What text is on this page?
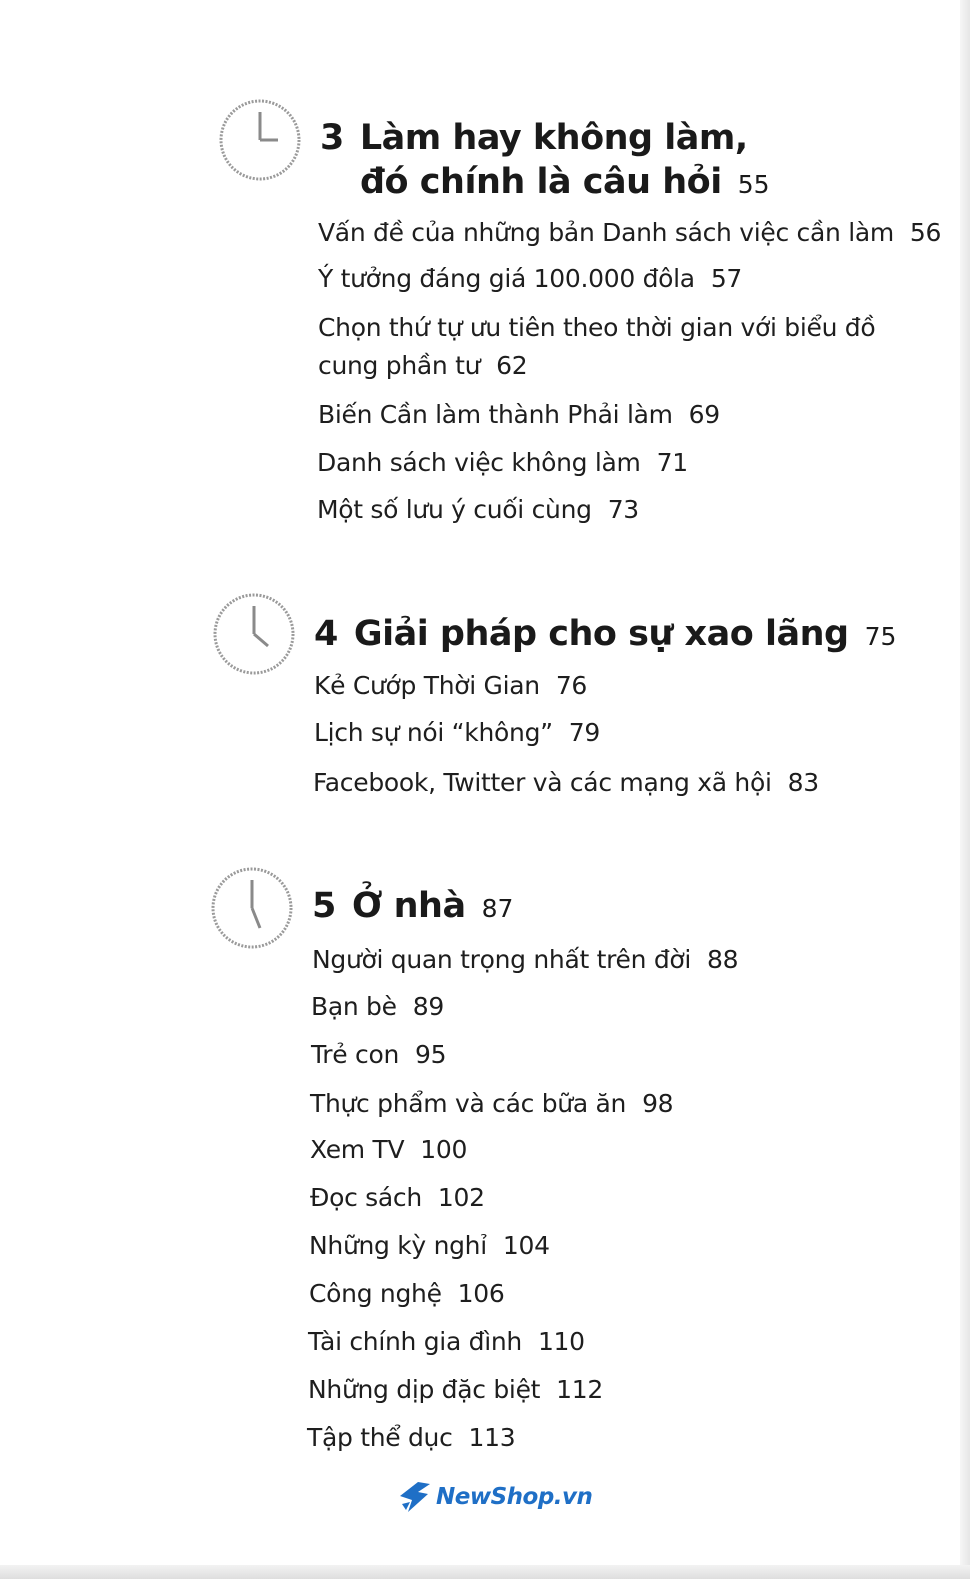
3 Làm hay không làm,
đó chính là câu hỏi 55
Vấn đề của những bản Danh sách việc cần làm 56
Ý tưởng đáng giá 100.000 đôla 57
Chọn thứ tự ưu tiên theo thời gian với biểu đồ
cung phần tư 62
Biến Cần làm thành Phải làm 69
Danh sách việc không làm 71
Một số lưu ý cuối cùng 73
4 Giải pháp cho sự xao lãng 75
Kẻ Cướp Thời Gian 76
Lịch sự nói “không” 79
Facebook, Twitter và các mạng xã hội 83
5 Ở nhà 87
Người quan trọng nhất trên đời 88
Bạn bè 89
Trẻ con 95
Thực phẩm và các bữa ăn 98
Xem TV 100
Đọc sách 102
Những kỳ nghỉ 104
Công nghệ 106
Tài chính gia đình 110
Những dịp đặc biệt 112
Tập thể dục 113
NewShop.vn
